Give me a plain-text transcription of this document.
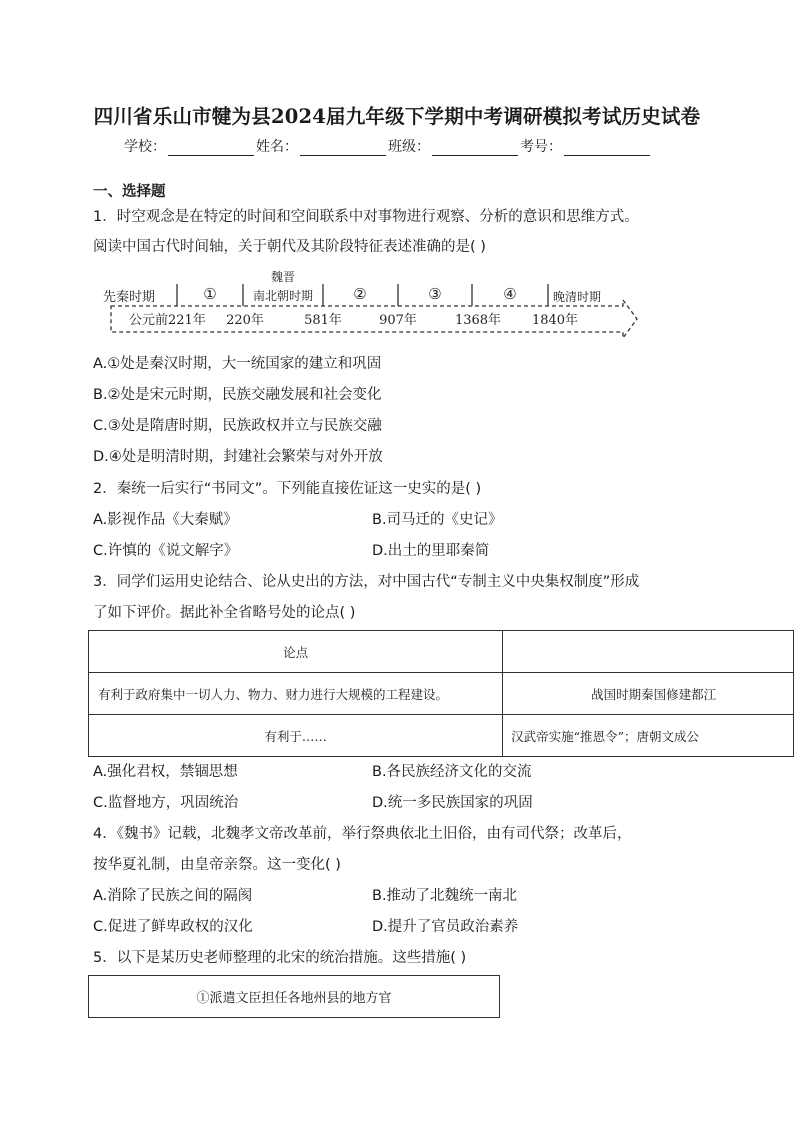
四川省乐山市犍为县2024届九年级下学期中考调研模拟考试历史试卷
学校：	姓名：	班级：	考号：
一、选择题
1．时空观念是在特定的时间和空间联系中对事物进行观察、分析的意识和思维方式。
阅读中国古代时间轴，关于朝代及其阶段特征表述准确的是( )
先秦时期	①
魏晋
南北朝时期	②	③	④	晚清时期
公元前221年 220年	581年	907年	1368年 1840年
A.①处是秦汉时期，大一统国家的建立和巩固
B.②处是宋元时期，民族交融发展和社会变化
C.③处是隋唐时期，民族政权并立与民族交融
D.④处是明清时期，封建社会繁荣与对外开放
2．秦统一后实行“书同文”。下列能直接佐证这一史实的是( )
A.影视作品《大秦赋》	B.司马迁的《史记》
C.许慎的《说文解字》	D.出土的里耶秦简
3．同学们运用史论结合、论从史出的方法，对中国古代“专制主义中央集权制度”形成
了如下评价。据此补全省略号处的论点( )
论点	
有利于政府集中一切人力、物力、财力进行大规模的工程建设。	战国时期秦国修建都江
有利于……	汉武帝实施“推恩令”；唐朝文成公
A.强化君权，禁锢思想	B.各民族经济文化的交流
C.监督地方，巩固统治	D.统一多民族国家的巩固
4．《魏书》记载，北魏孝文帝改革前，举行祭典依北土旧俗，由有司代祭；改革后，
按华夏礼制，由皇帝亲祭。这一变化( )
A.消除了民族之间的隔阂	B.推动了北魏统一南北
C.促进了鲜卑政权的汉化	D.提升了官员政治素养
5．以下是某历史老师整理的北宋的统治措施。这些措施( )
①派遣文臣担任各地州县的地方官
